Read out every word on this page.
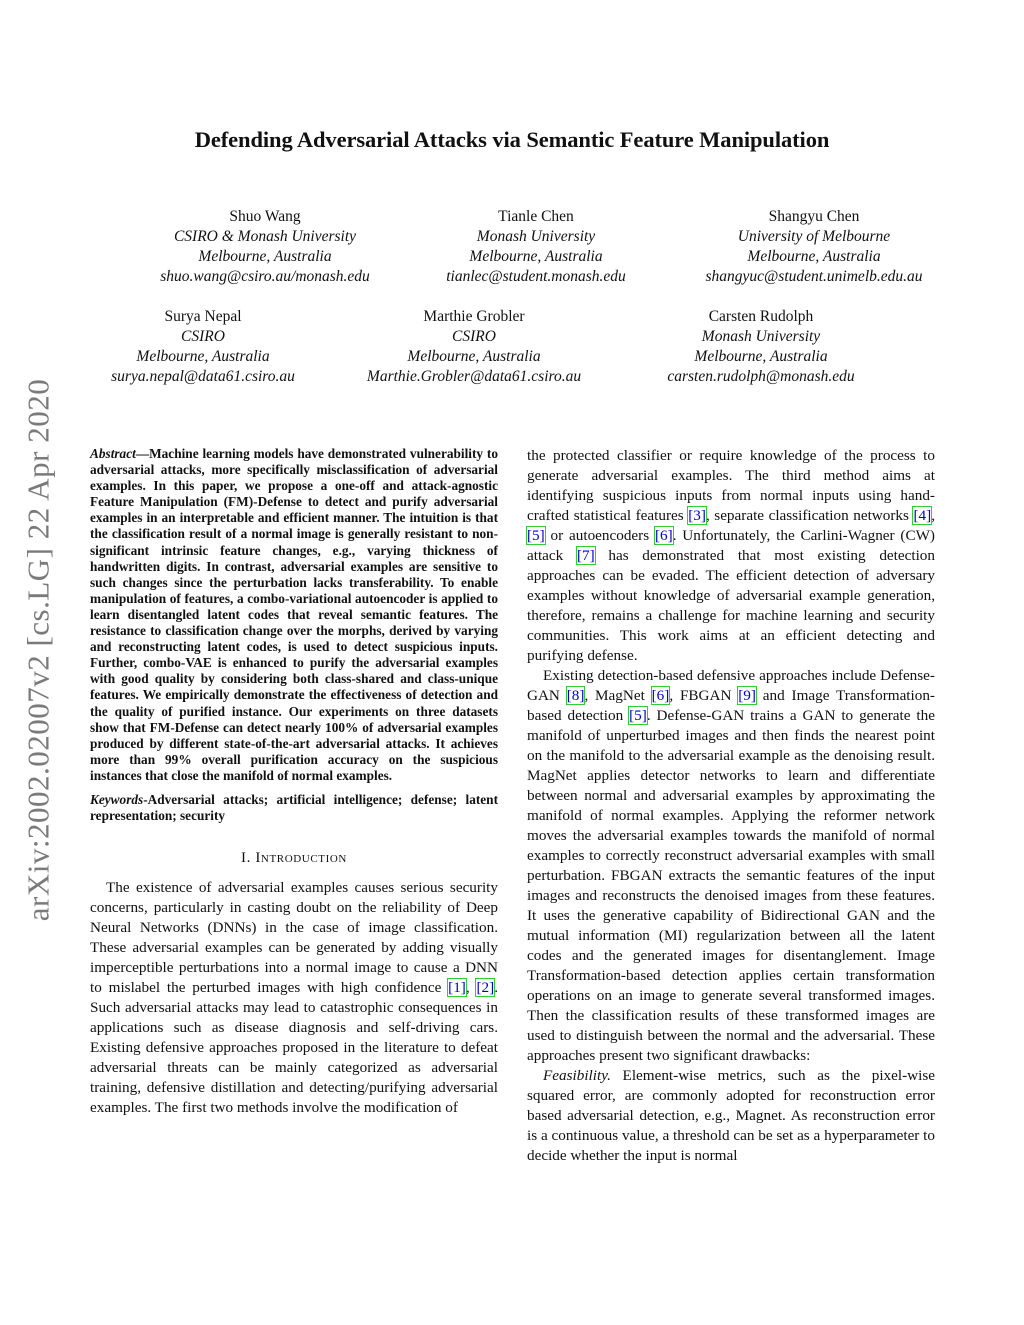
arXiv:2002.02007v2 [cs.LG] 22 Apr 2020
Defending Adversarial Attacks via Semantic Feature Manipulation
Shuo Wang
CSIRO & Monash University
Melbourne, Australia
shuo.wang@csiro.au/monash.edu
Tianle Chen
Monash University
Melbourne, Australia
tianlec@student.monash.edu
Shangyu Chen
University of Melbourne
Melbourne, Australia
shangyuc@student.unimelb.edu.au
Surya Nepal
CSIRO
Melbourne, Australia
surya.nepal@data61.csiro.au
Marthie Grobler
CSIRO
Melbourne, Australia
Marthie.Grobler@data61.csiro.au
Carsten Rudolph
Monash University
Melbourne, Australia
carsten.rudolph@monash.edu

Abstract—Machine learning models have demonstrated vulnerability to adversarial attacks, more specifically misclassification of adversarial examples. In this paper, we propose a one-off and attack-agnostic Feature Manipulation (FM)-Defense to detect and purify adversarial examples in an interpretable and efficient manner. The intuition is that the classification result of a normal image is generally resistant to non-significant intrinsic feature changes, e.g., varying thickness of handwritten digits. In contrast, adversarial examples are sensitive to such changes since the perturbation lacks transferability. To enable manipulation of features, a combo-variational autoencoder is applied to learn disentangled latent codes that reveal semantic features. The resistance to classification change over the morphs, derived by varying and reconstructing latent codes, is used to detect suspicious inputs. Further, combo-VAE is enhanced to purify the adversarial examples with good quality by considering both class-shared and class-unique features. We empirically demonstrate the effectiveness of detection and the quality of purified instance. Our experiments on three datasets show that FM-Defense can detect nearly 100% of adversarial examples produced by different state-of-the-art adversarial attacks. It achieves more than 99% overall purification accuracy on the suspicious instances that close the manifold of normal examples.

Keywords-Adversarial attacks; artificial intelligence; defense; latent representation; security

I. Introduction

The existence of adversarial examples causes serious security concerns, particularly in casting doubt on the reliability of Deep Neural Networks (DNNs) in the case of image classification. These adversarial examples can be generated by adding visually imperceptible perturbations into a normal image to cause a DNN to mislabel the perturbed images with high confidence [1], [2]. Such adversarial attacks may lead to catastrophic consequences in applications such as disease diagnosis and self-driving cars. Existing defensive approaches proposed in the literature to defeat adversarial threats can be mainly categorized as adversarial training, defensive distillation and detecting/purifying adversarial examples. The first two methods involve the modification of

the protected classifier or require knowledge of the process to generate adversarial examples. The third method aims at identifying suspicious inputs from normal inputs using hand-crafted statistical features [3], separate classification networks [4], [5] or autoencoders [6]. Unfortunately, the Carlini-Wagner (CW) attack [7] has demonstrated that most existing detection approaches can be evaded. The efficient detection of adversary examples without knowledge of adversarial example generation, therefore, remains a challenge for machine learning and security communities. This work aims at an efficient detecting and purifying defense.

Existing detection-based defensive approaches include Defense-GAN [8], MagNet [6], FBGAN [9] and Image Transformation-based detection [5]. Defense-GAN trains a GAN to generate the manifold of unperturbed images and then finds the nearest point on the manifold to the adversarial example as the denoising result. MagNet applies detector networks to learn and differentiate between normal and adversarial examples by approximating the manifold of normal examples. Applying the reformer network moves the adversarial examples towards the manifold of normal examples to correctly reconstruct adversarial examples with small perturbation. FBGAN extracts the semantic features of the input images and reconstructs the denoised images from these features. It uses the generative capability of Bidirectional GAN and the mutual information (MI) regularization between all the latent codes and the generated images for disentanglement. Image Transformation-based detection applies certain transformation operations on an image to generate several transformed images. Then the classification results of these transformed images are used to distinguish between the normal and the adversarial. These approaches present two significant drawbacks:

Feasibility. Element-wise metrics, such as the pixel-wise squared error, are commonly adopted for reconstruction error based adversarial detection, e.g., Magnet. As reconstruction error is a continuous value, a threshold can be set as a hyperparameter to decide whether the input is normal
